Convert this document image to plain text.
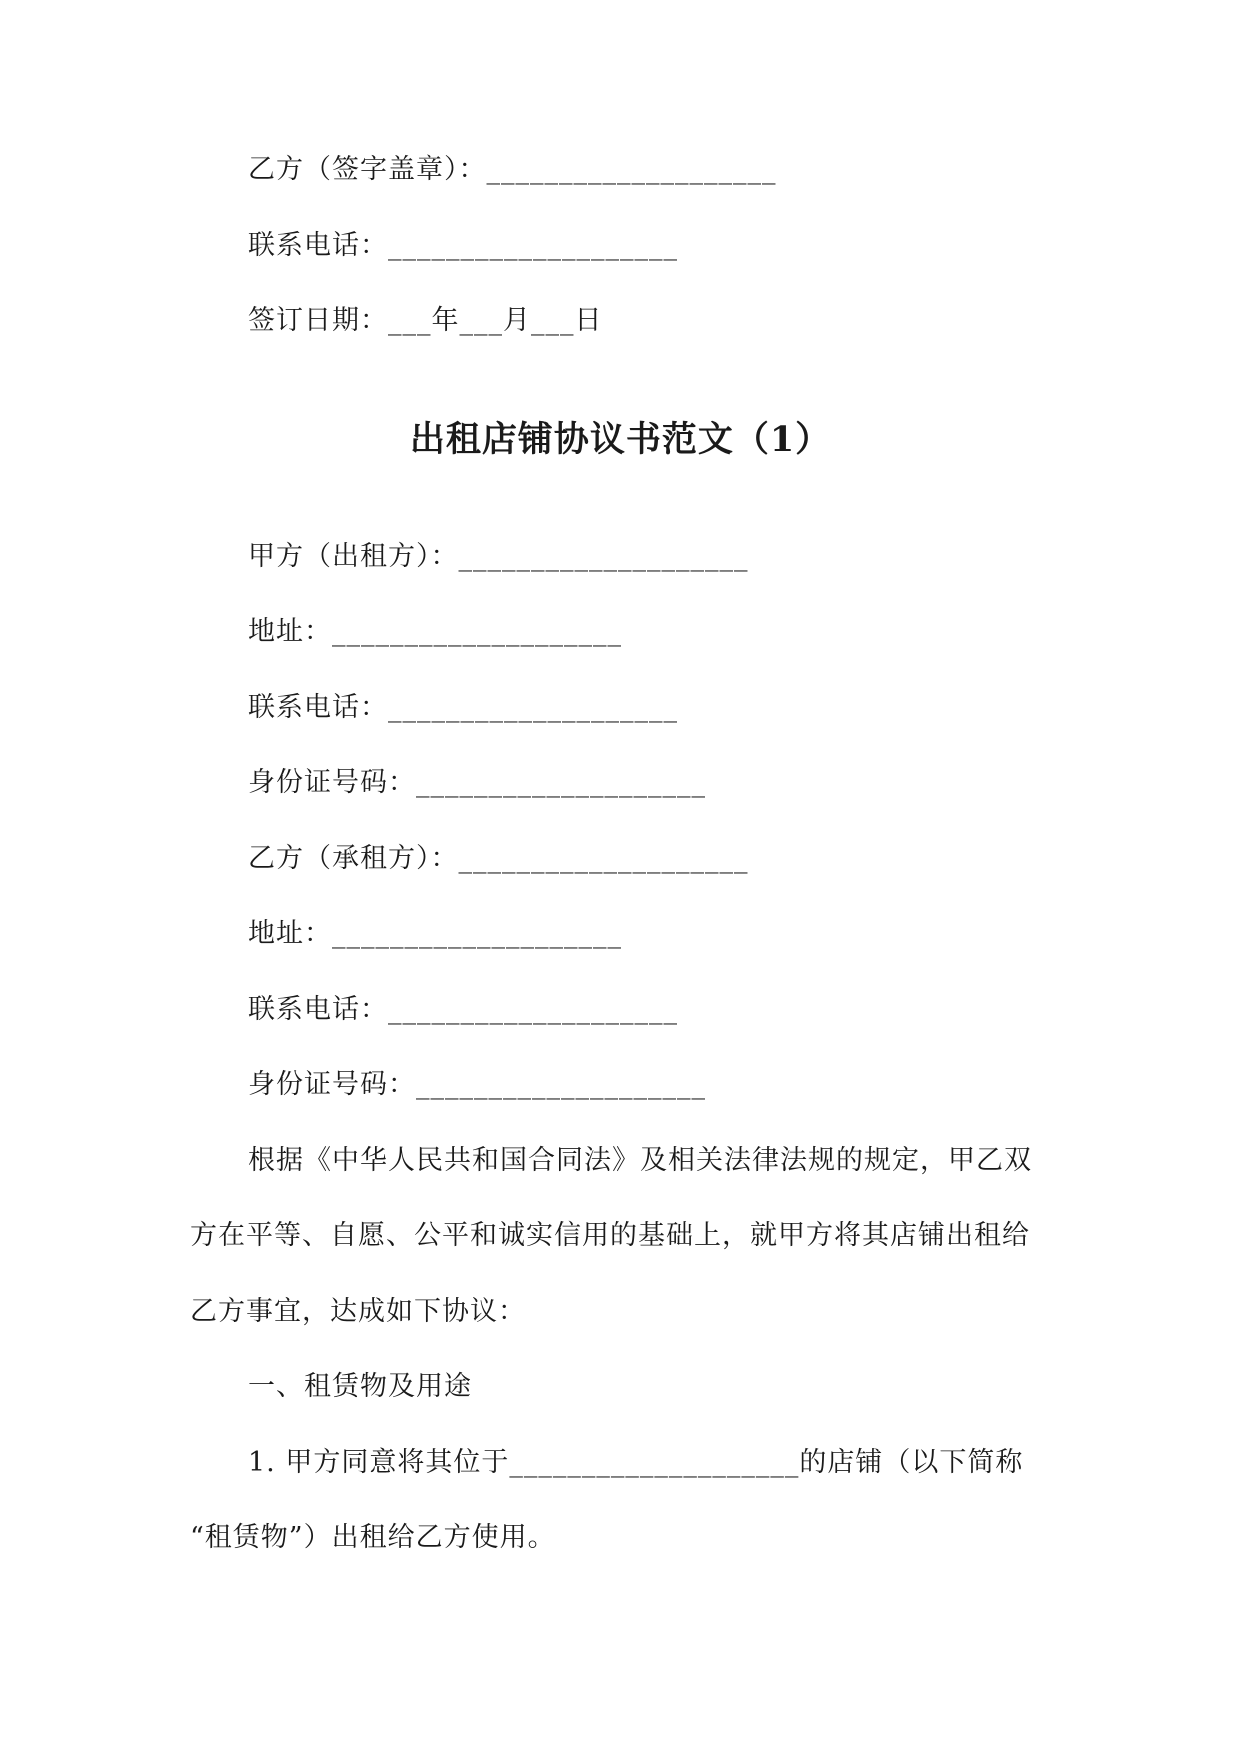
乙方（签字盖章）：____________________
联系电话：____________________
签订日期：___年___月___日
出租店铺协议书范文（1）
甲方（出租方）：____________________
地址：____________________
联系电话：____________________
身份证号码：____________________
乙方（承租方）：____________________
地址：____________________
联系电话：____________________
身份证号码：____________________
根据《中华人民共和国合同法》及相关法律法规的规定，甲乙双
方在平等、自愿、公平和诚实信用的基础上，就甲方将其店铺出租给
乙方事宜，达成如下协议：
一、租赁物及用途
1. 甲方同意将其位于____________________的店铺（以下简称
“租赁物”）出租给乙方使用。
